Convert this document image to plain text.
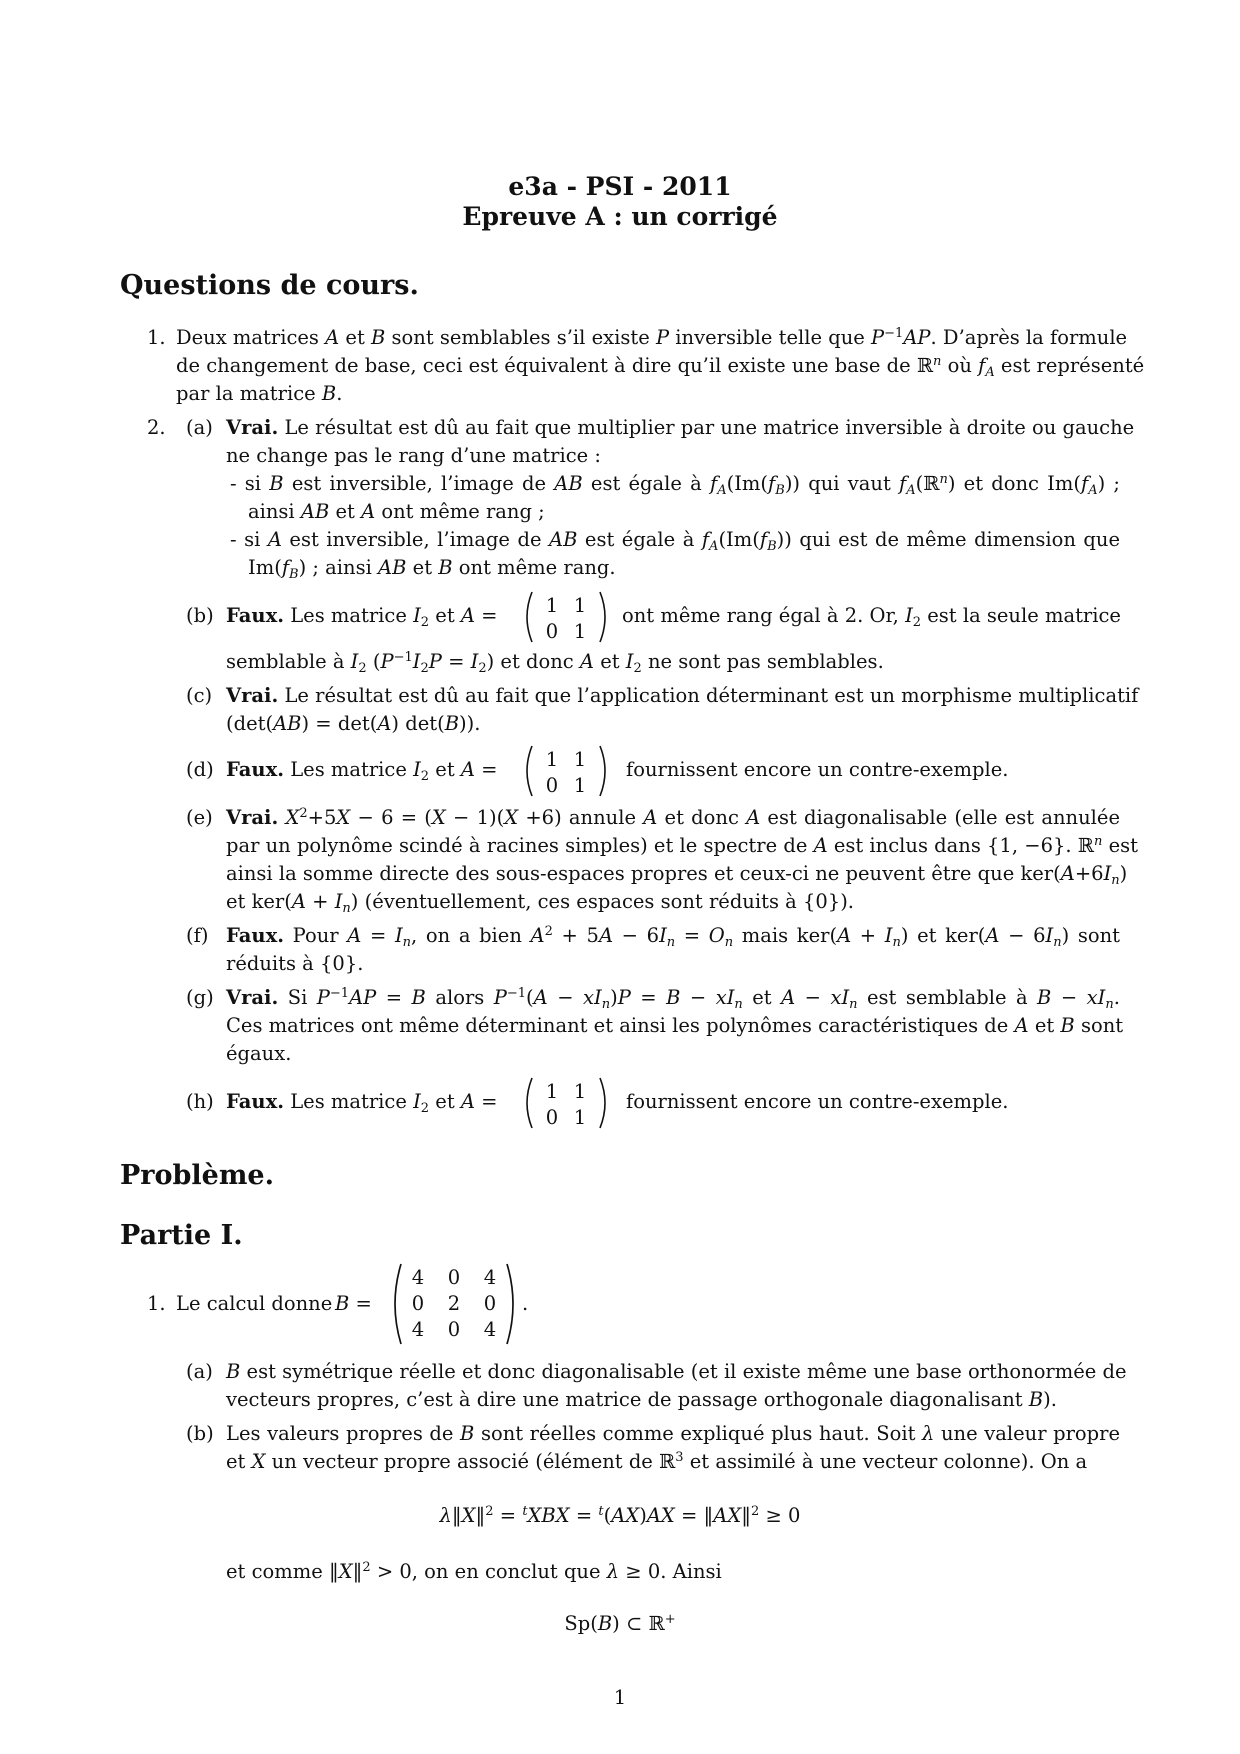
e3a - PSI - 2011
Epreuve A : un corrigé
Questions de cours.
1. Deux matrices A et B sont semblables s’il existe P inversible telle que $P^{-1}AP$. D’après la formule
de changement de base, ceci est équivalent à dire qu’il existe une base de ℝ$^n$ où $f_A$ est représenté
par la matrice B.
2. (a) Vrai. Le résultat est dû au fait que multiplier par une matrice inversible à droite ou gauche
ne change pas le rang d’une matrice :
- si B est inversible, l’image de AB est égale à $f_A(Im(f_B))$ qui vaut $f_A(ℝ^n)$ et donc $Im(f_A)$ ;
ainsi AB et A ont même rang ;
- si A est inversible, l’image de AB est égale à $f_A(Im(f_B))$ qui est de même dimension que
$Im(f_B)$ ; ainsi AB et B ont même rang.
(b) Faux. Les matrice $I_2$ et A = 1 1
0 1
ont même rang égal à 2. Or, $I_2$ est la seule matrice
semblable à $I_2$ $(P^{-1}I_2P = I_2)$ et donc A et $I_2$ ne sont pas semblables.
(c) Vrai. Le résultat est dû au fait que l’application déterminant est un morphisme multiplicatif
(det(AB) = det(A) det(B)).
(d) Faux. Les matrice $I_2$ et A = 1 1
0 1
fournissent encore un contre-exemple.
(e) Vrai. $X^2+5X - 6 = (X - 1)(X +6)$ annule A et donc A est diagonalisable (elle est annulée
par un polynôme scindé à racines simples) et le spectre de A est inclus dans {1, −6}. ℝ$^n$ est
ainsi la somme directe des sous-espaces propres et ceux-ci ne peuvent être que $ker(A+6I_n)$
et $ker(A + I_n)$ (éventuellement, ces espaces sont réduits à {0}).
(f) Faux. Pour $A = I_n$, on a bien $A^2 + 5A - 6I_n = O_n$ mais $ker(A + I_n)$ et $ker(A - 6I_n)$ sont
réduits à {0}.
(g) Vrai. Si $P^{-1}AP = B$ alors $P^{-1}(A - xI_n)P = B - xI_n$ et $A - xI_n$ est semblable à $B - xI_n$.
Ces matrices ont même déterminant et ainsi les polynômes caractéristiques de A et B sont
égaux.
(h) Faux. Les matrice $I_2$ et A = 1 1
0 1
fournissent encore un contre-exemple.
Problème.
Partie I.
1. Le calcul donne B =
4 0 4
0 2 0
4 0 4
.
(a) B est symétrique réelle et donc diagonalisable (et il existe même une base orthonormée de
vecteurs propres, c’est à dire une matrice de passage orthogonale diagonalisant B).
(b) Les valeurs propres de B sont réelles comme expliqué plus haut. Soit λ une valeur propre
et X un vecteur propre associé (élément de ℝ$^3$ et assimilé à une vecteur colonne). On a
λ‖X‖$^2$ = $^t$XBX = $^t$(AX)AX = ‖AX‖$^2$ ≥ 0
et comme ‖X‖$^2$ > 0, on en conclut que λ ≥ 0. Ainsi
Sp(B) ⊂ ℝ+
1
